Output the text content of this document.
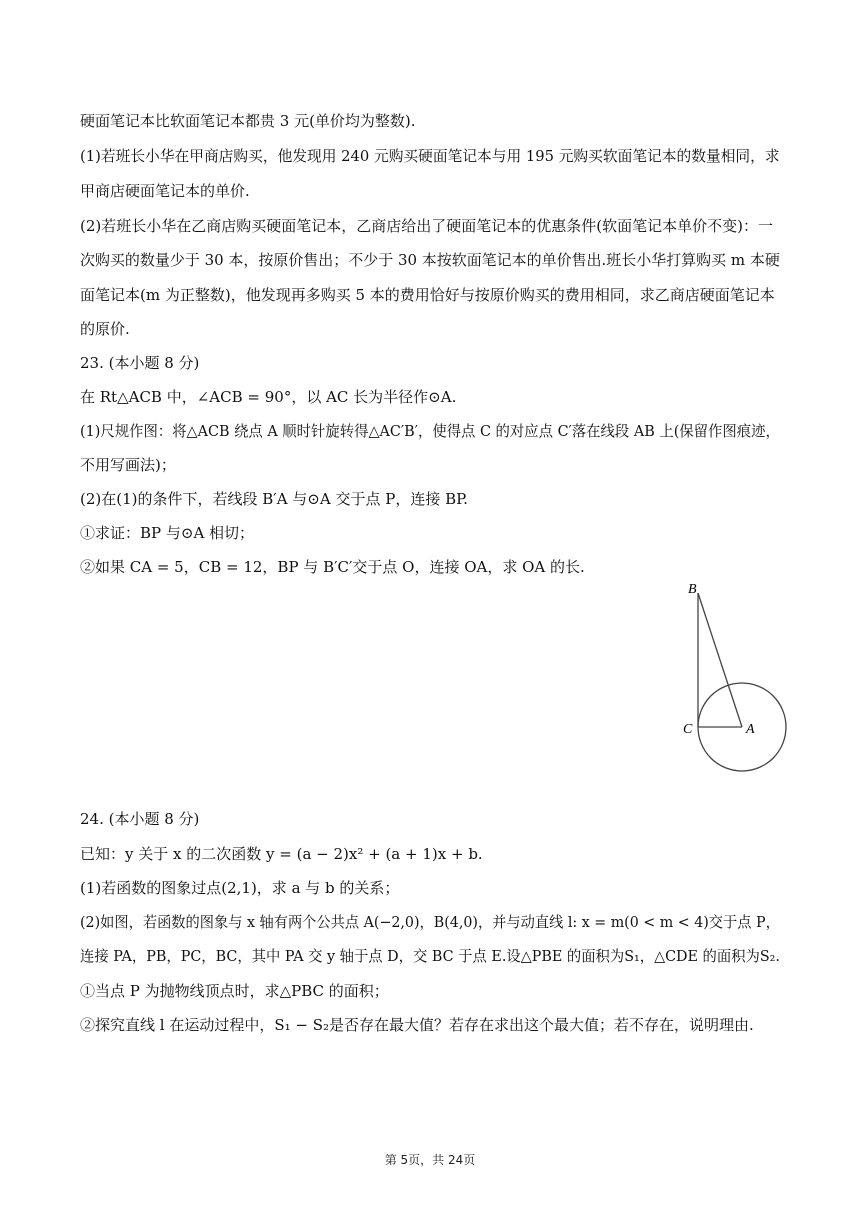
硬面笔记本比软面笔记本都贵 3 元(单价均为整数).
(1)若班长小华在甲商店购买，他发现用 240 元购买硬面笔记本与用 195 元购买软面笔记本的数量相同，求
甲商店硬面笔记本的单价.
(2)若班长小华在乙商店购买硬面笔记本，乙商店给出了硬面笔记本的优惠条件(软面笔记本单价不变)：一
次购买的数量少于 30 本，按原价售出；不少于 30 本按软面笔记本的单价售出.班长小华打算购买 m 本硬
面笔记本(m 为正整数)，他发现再多购买 5 本的费用恰好与按原价购买的费用相同，求乙商店硬面笔记本
的原价.
23. (本小题 8 分)
在 Rt△ACB 中，∠ACB = 90°，以 AC 长为半径作⊙A.
(1)尺规作图：将△ACB 绕点 A 顺时针旋转得△AC′B′，使得点 C 的对应点 C′落在线段 AB 上(保留作图痕迹，
不用写画法)；
(2)在(1)的条件下，若线段 B′A 与⊙A 交于点 P，连接 BP.
①求证：BP 与⊙A 相切；
②如果 CA = 5，CB = 12，BP 与 B′C′交于点 O，连接 OA，求 OA 的长.
B
C	A
24. (本小题 8 分)
已知：y 关于 x 的二次函数 y = (a − 2)x² + (a + 1)x + b.
(1)若函数的图象过点(2,1)，求 a 与 b 的关系；
(2)如图，若函数的图象与 x 轴有两个公共点 A(−2,0)，B(4,0)，并与动直线 l: x = m(0 < m < 4)交于点 P，
连接 PA，PB，PC，BC，其中 PA 交 y 轴于点 D，交 BC 于点 E.设△PBE 的面积为S₁，△CDE 的面积为S₂.
①当点 P 为抛物线顶点时，求△PBC 的面积；
②探究直线 l 在运动过程中，S₁ − S₂是否存在最大值？若存在求出这个最大值；若不存在，说明理由.
第 5页，共 24页
